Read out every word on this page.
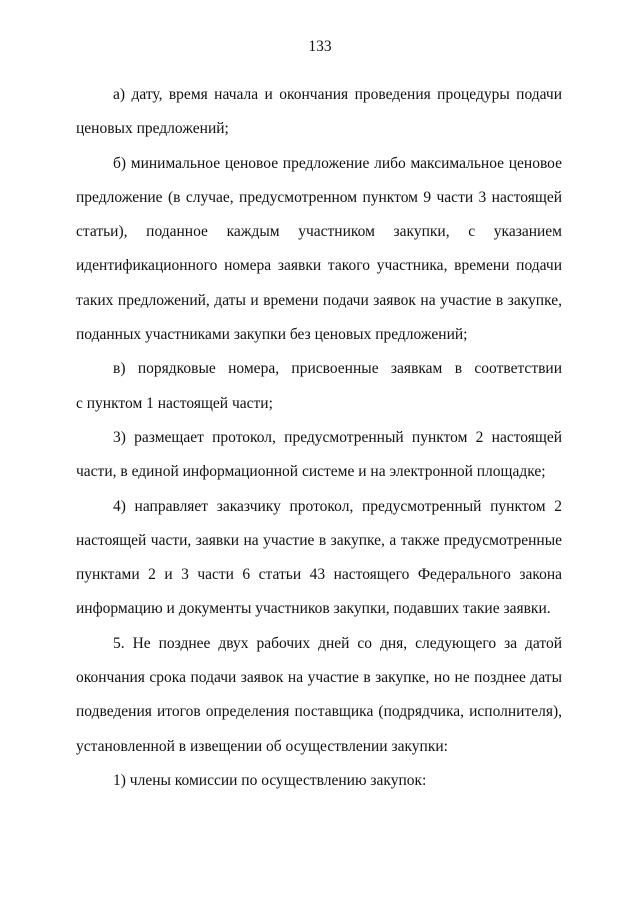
133
а) дату, время начала и окончания проведения процедуры подачи
ценовых предложений;
б) минимальное ценовое предложение либо максимальное ценовое
предложение (в случае, предусмотренном пунктом 9 части 3 настоящей
статьи), поданное каждым участником закупки, с указанием
идентификационного номера заявки такого участника, времени подачи
таких предложений, даты и времени подачи заявок на участие в закупке,
поданных участниками закупки без ценовых предложений;
в) порядковые номера, присвоенные заявкам в соответствии
с пунктом 1 настоящей части;
3) размещает протокол, предусмотренный пунктом 2 настоящей
части, в единой информационной системе и на электронной площадке;
4) направляет заказчику протокол, предусмотренный пунктом 2
настоящей части, заявки на участие в закупке, а также предусмотренные
пунктами 2 и 3 части 6 статьи 43 настоящего Федерального закона
информацию и документы участников закупки, подавших такие заявки.
5. Не позднее двух рабочих дней со дня, следующего за датой
окончания срока подачи заявок на участие в закупке, но не позднее даты
подведения итогов определения поставщика (подрядчика, исполнителя),
установленной в извещении об осуществлении закупки:
1) члены комиссии по осуществлению закупок:
